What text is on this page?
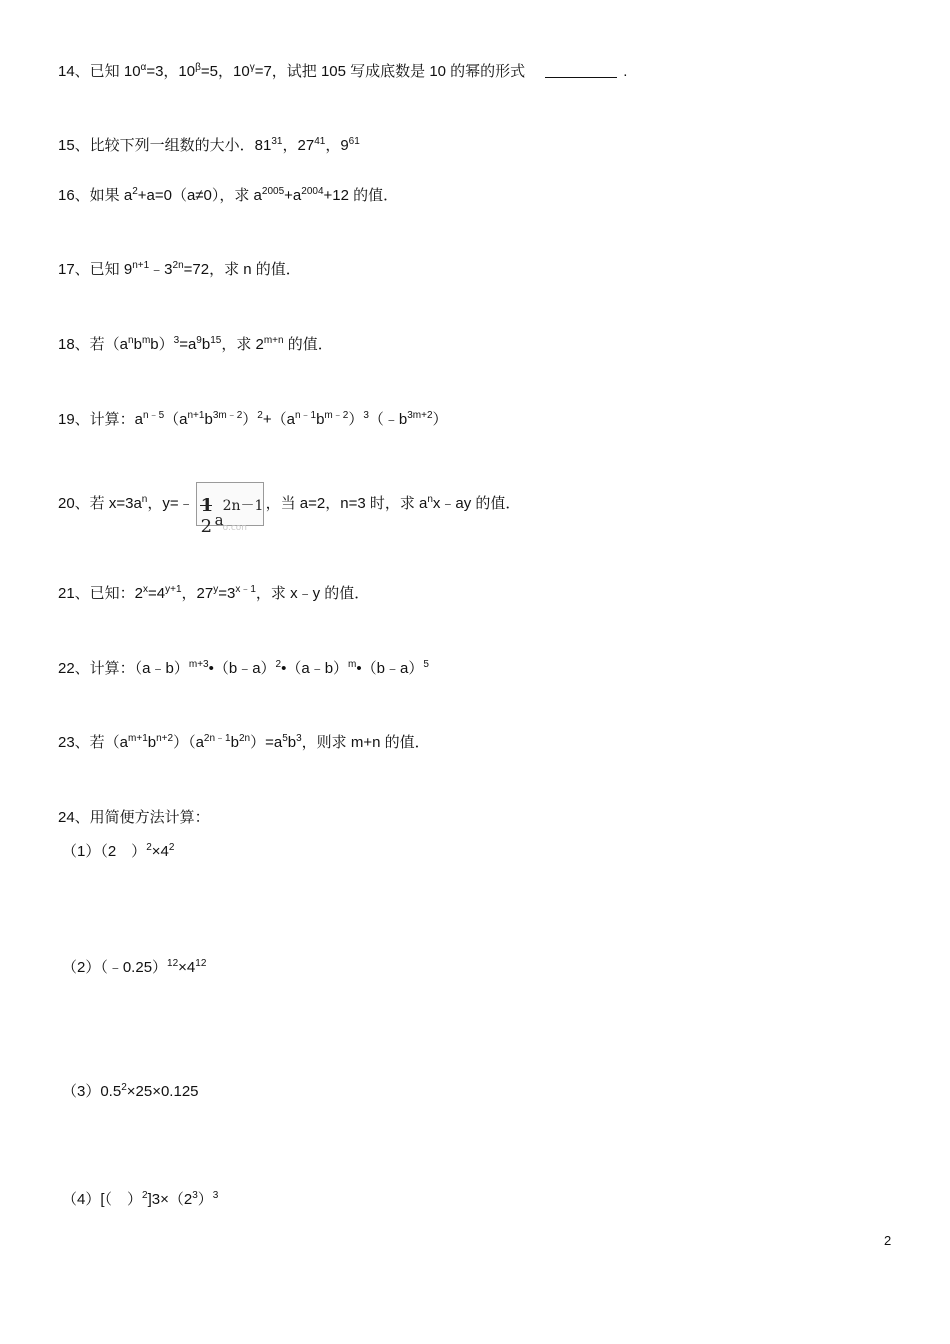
14、已知 $10^\alpha=3$，$10^\beta=5$，$10^\gamma=7$，试把 105 写成底数是 10 的幂的形式	.
15、比较下列一组数的大小．$81^{31}$，$27^{41}$，$9^{61}$
16、如果 $a^2+a=0(a\ne 0)$，求 $a^{2005}+a^{2004}+12$ 的值．
17、已知 $9^{n+1}﹣3^{2n}=72$，求 n 的值．
18、若$(a^nb^mb)^3=a^9b^{15}$，求 $2^{m+n}$ 的值．
19、计算：$a^{n﹣5}(a^{n+1}b^{3m﹣2})^2+(a^{n﹣1}b^{m﹣2})^3(﹣b^{3m+2})$
20、若 $x=3a^n$，y=﹣ 1
2 a
2n－1
o.con
，当 a=2，n=3 时，求 $a^nx﹣ay$ 的值．
21、已知：$2^x=4^{y+1}$，$27^y=3^{x﹣1}$，求 x﹣y 的值．
22、计算：（a﹣b）$^{m+3}$•（b﹣a）$^2$•（a﹣b）$^m$•（b﹣a）$^5$
23、若$(a^{m+1}b^{n+2})(a^{2n﹣1}b^{2n})=a^5b^3$，则求 m+n 的值．
24、用简便方法计算：
（1）（2　）$^2\times 4^2$
$(2)(﹣0.25)^{12}\times 4^{12}$
$(3)0.5^2\times 25\times 0.125$
（4）[（　）$^2]3\times(2^3)^3$
2
